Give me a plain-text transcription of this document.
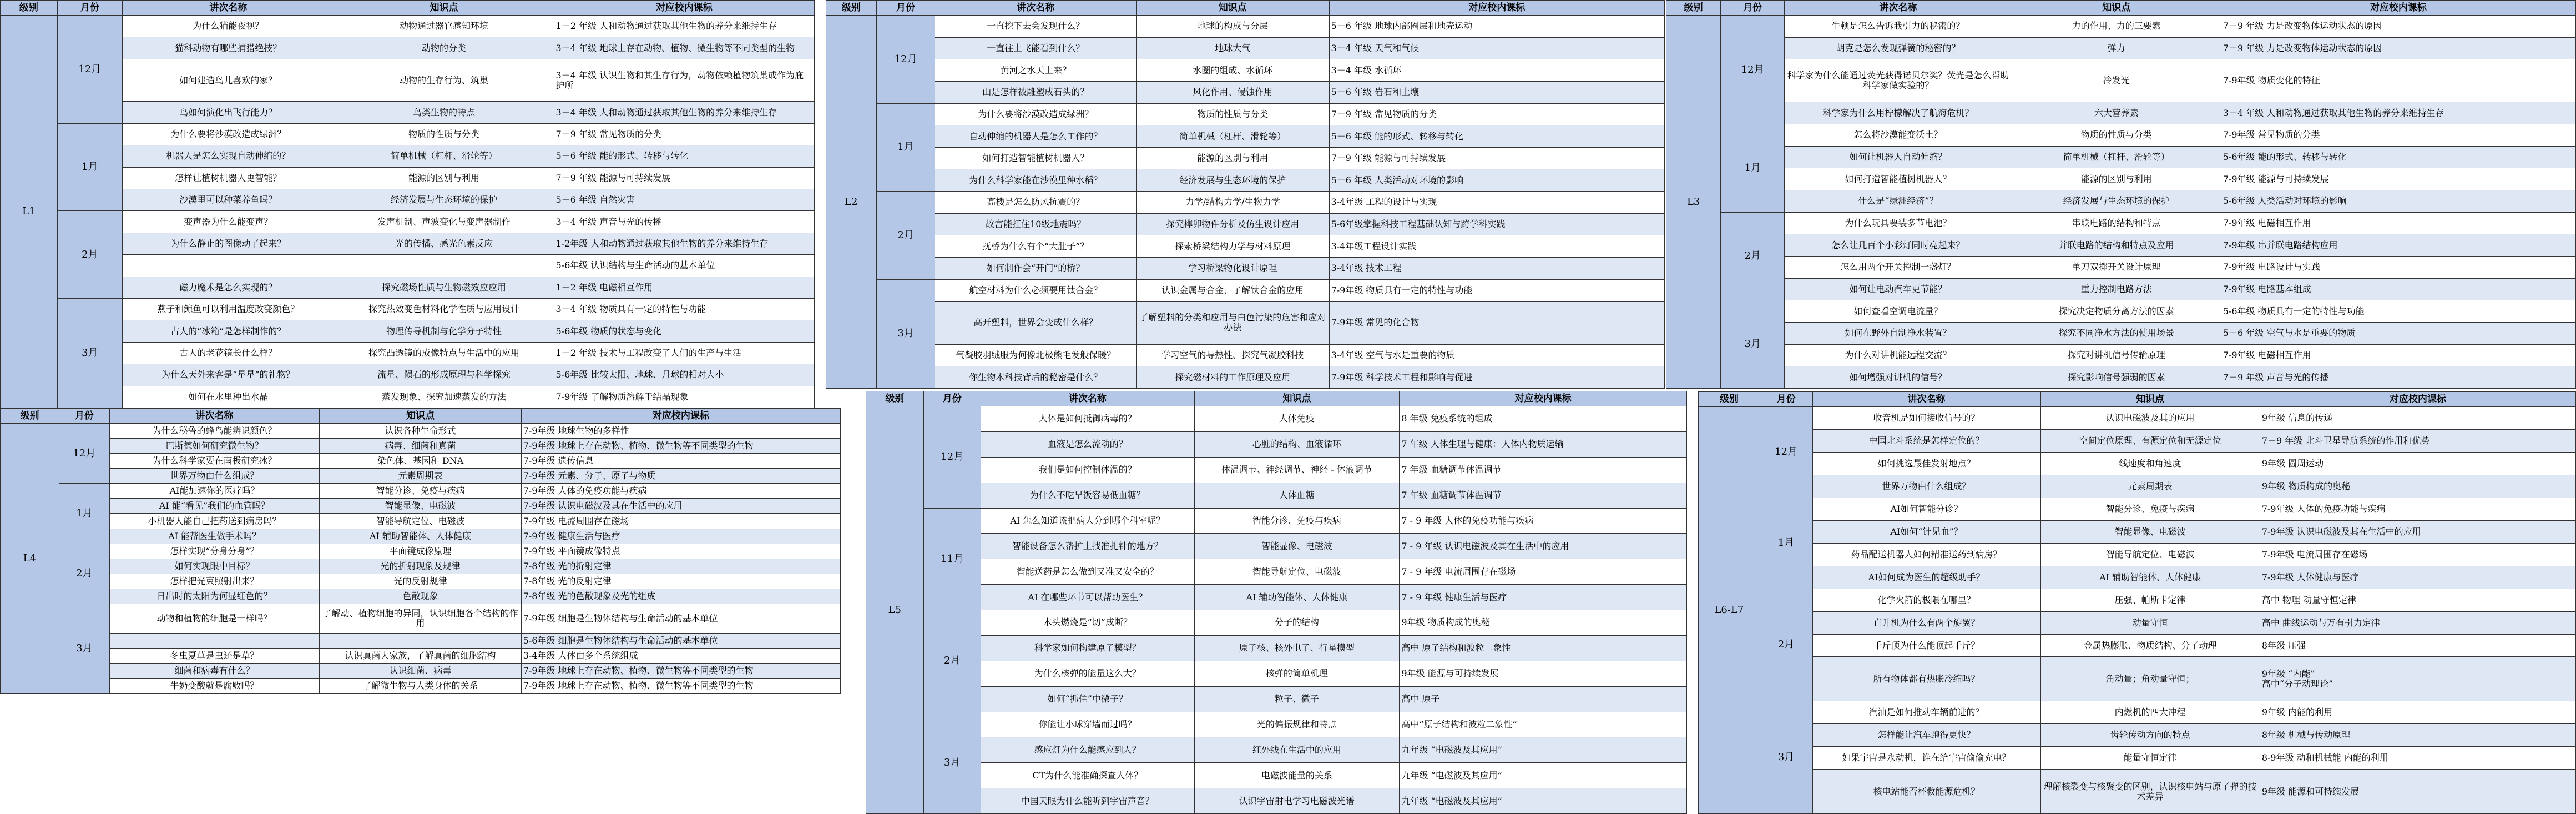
级别	月份	讲次名称	知识点	对应校内课标
L1	12月	为什么猫能夜视？	动物通过器官感知环境	1－2 年级 人和动物通过获取其他生物的养分来维持生存
		猫科动物有哪些捕猎绝技？	动物的分类	3－4 年级 地球上存在动物、植物、微生物等不同类型的生物
		如何建造鸟儿喜欢的家？	动物的生存行为、筑巢	3－4 年级 认识生物和其生存行为，动物依赖植物筑巢或作为庇护所
		鸟如何演化出飞行能力？	鸟类生物的特点	3－4 年级 人和动物通过获取其他生物的养分来维持生存
	1月	为什么要将沙漠改造成绿洲？	物质的性质与分类	7－9 年级 常见物质的分类
		机器人是怎么实现自动伸缩的？	简单机械（杠杆、滑轮等）	5－6 年级 能的形式、转移与转化
		怎样让植树机器人更智能？	能源的区别与利用	7－9 年级 能源与可持续发展
		沙漠里可以种菜养鱼吗？	经济发展与生态环境的保护	5－6 年级 自然灾害
	2月	变声器为什么能变声？	发声机制、声波变化与变声器制作	3－4 年级 声音与光的传播
		为什么静止的图像动了起来？	光的传播、感光色素反应	1-2年级 人和动物通过获取其他生物的养分来维持生存
				5-6年级 认识结构与生命活动的基本单位
		磁力魔术是怎么实现的？	探究磁场性质与生物磁效应应用	1－2 年级 电磁相互作用
	3月	燕子和鲸鱼可以利用温度改变颜色？	探究热效变色材料化学性质与应用设计	3－4 年级 物质具有一定的特性与功能
		古人的“冰箱”是怎样制作的？	物理传导机制与化学分子特性	5-6年级 物质的状态与变化
		古人的老花镜长什么样？	探究凸透镜的成像特点与生活中的应用	1－2 年级 技术与工程改变了人们的生产与生活
		为什么天外来客是“星星”的礼物？	流星、陨石的形成原理与科学探究	5-6年级 比较太阳、地球、月球的相对大小
		如何在水里种出水晶	蒸发现象、探究加速蒸发的方法	7-9年级 了解物质溶解于结晶现象
级别	月份	讲次名称	知识点	对应校内课标
L2	12月	一直挖下去会发现什么？	地球的构成与分层	5－6 年级 地球内部圈层和地壳运动
		一直往上飞能看到什么？	地球大气	3－4 年级 天气和气候
		黄河之水天上来？	水圈的组成、水循环	3－4 年级 水循环
		山是怎样被雕塑成石头的？	风化作用、侵蚀作用	5－6 年级 岩石和土壤
	1月	为什么要将沙漠改造成绿洲？	物质的性质与分类	7－9 年级 常见物质的分类
		自动伸缩的机器人是怎么工作的？	简单机械（杠杆、滑轮等）	5－6 年级 能的形式、转移与转化
		如何打造智能植树机器人？	能源的区别与利用	7－9 年级 能源与可持续发展
		为什么科学家能在沙漠里种水稻？	经济发展与生态环境的保护	5－6 年级 人类活动对环境的影响
	2月	高楼是怎么防风抗震的？	力学/结构力学/生物力学	3-4年级 工程的设计与实现
		故宫能扛住10级地震吗？	探究榫卯物件分析及仿生设计应用	5-6年级掌握科技工程基础认知与跨学科实践
		抚桥为什么有个“大肚子”？	探索桥梁结构力学与材料原理	3-4年级工程设计实践
		如何制作会“开门”的桥？	学习桥梁物化设计原理	3-4年级 技术工程
	3月	航空材料为什么必须要用钛合金？	认识金属与合金，了解钛合金的应用	7-9年级 物质具有一定的特性与功能
		高开塑料，世界会变成什么样？	了解塑料的分类和应用与白色污染的危害和应对办法	7-9年级 常见的化合物
		气凝胶羽绒服为何像北极熊毛发般保暖？	学习空气的导热性、探究气凝胶科技	3-4年级 空气与水是重要的物质
		你生物本科技背后的秘密是什么？	探究磁材料的工作原理及应用	7-9年级 科学技术工程和影响与促进
级别	月份	讲次名称	知识点	对应校内课标
L3	12月	牛顿是怎么告诉我引力的秘密的？	力的作用、力的三要素	7－9 年级 力是改变物体运动状态的原因
		胡克是怎么发现弹簧的秘密的？	弹力	7－9 年级 力是改变物体运动状态的原因
		科学家为什么能通过荧光获得诺贝尔奖？荧光是怎么帮助科学家做实验的？	冷发光	7-9年级 物质变化的特征
		科学家为什么用柠檬解决了航海危机？	六大营养素	3－4 年级 人和动物通过获取其他生物的养分来维持生存
	1月	怎么将沙漠能变沃土？	物质的性质与分类	7-9年级 常见物质的分类
		如何让机器人自动伸缩？	简单机械（杠杆、滑轮等）	5-6年级 能的形式、转移与转化
		如何打造智能植树机器人？	能源的区别与利用	7-9年级 能源与可持续发展
		什么是“绿洲经济”？	经济发展与生态环境的保护	5-6年级 人类活动对环境的影响
	2月	为什么玩具要装多节电池？	串联电路的结构和特点	7-9年级 电磁相互作用
		怎么让几百个小彩灯同时亮起来？	并联电路的结构和特点及应用	7-9年级 串并联电路结构应用
		怎么用两个开关控制一盏灯？	单刀双掷开关设计原理	7-9年级 电路设计与实践
		如何让电动汽车更节能？	重力控制电路方法	7-9年级 电路基本组成
	3月	如何查看空调电流量？	探究决定物质分离方法的因素	5-6年级 物质具有一定的特性与功能
		如何在野外自制净水装置？	探究不同净水方法的使用场景	5－6 年级 空气与水是重要的物质
		为什么对讲机能远程交流？	探究对讲机信号传输原理	7-9年级 电磁相互作用
		如何增强对讲机的信号？	探究影响信号强弱的因素	7－9 年级 声音与光的传播
级别	月份	讲次名称	知识点	对应校内课标
L4	12月	为什么秘鲁的蜂鸟能辨识颜色？	认识各种生命形式	7-9年级 地球生物的多样性
		巴斯德如何研究微生物？	病毒、细菌和真菌	7-9年级 地球上存在动物、植物、微生物等不同类型的生物
		为什么科学家要在南极研究冰？	染色体、基因和 DNA	7-9年级 遗传信息
		世界万物由什么组成？	元素周期表	7-9年级 元素、分子、原子与物质
	1月	AI能加速你的医疗吗？	智能分诊、免疫与疾病	7-9年级 人体的免疫功能与疾病
		AI 能“看见”我们的血管吗？	智能显像、电磁波	7-9年级 认识电磁波及其在生活中的应用
		小机器人能自己把药送到病房吗？	智能导航定位、电磁波	7-9年级 电流周围存在磁场
		AI 能帮医生做手术吗？	AI 辅助智能体、人体健康	7-9年级 健康生活与医疗
	2月	怎样实现“分身分身”？	平面镜成像原理	7-9年级 平面镜成像特点
		如何实现眼中目标？	光的折射现象及规律	7-8年级 光的折射定律
		怎样把光束照射出来？	光的反射规律	7-8年级 光的反射定律
		日出时的太阳为何显红色的？	色散现象	7-8年级 光的色散现象及光的组成
	3月	动物和植物的细胞是一样吗？	了解动、植物细胞的异同，认识细胞各个结构的作用	7-9年级 细胞是生物体结构与生命活动的基本单位
				5-6年级 细胞是生物体结构与生命活动的基本单位
		冬虫夏草是虫还是草？	认识真菌大家族，了解真菌的细胞结构	3-4年级 人体由多个系统组成
		细菌和病毒有什么？	认识细菌、病毒	7-9年级 地球上存在动物、植物、微生物等不同类型的生物
		牛奶变酸就是腐败吗？	了解微生物与人类身体的关系	7-9年级 地球上存在动物、植物、微生物等不同类型的生物
级别	月份	讲次名称	知识点	对应校内课标
L5	12月	人体是如何抵御病毒的？	人体免疫	8 年级 免疫系统的组成
		血液是怎么流动的？	心脏的结构、血液循环	7 年级 人体生理与健康：人体内物质运输
		我们是如何控制体温的？	体温调节、神经调节、神经 - 体液调节	7 年级 血糖调节体温调节
		为什么不吃早饭容易低血糖？	人体血糖	7 年级 血糖调节体温调节
	11月	AI 怎么知道该把病人分到哪个科室呢？	智能分诊、免疫与疾病	7 - 9 年级 人体的免疫功能与疾病
		智能设备怎么帮扩上找准扎针的地方？	智能显像、电磁波	7 - 9 年级 认识电磁波及其在生活中的应用
		智能送药是怎么做到又准又安全的？	智能导航定位、电磁波	7 - 9 年级 电流周围存在磁场
		AI 在哪些环节可以帮助医生？	AI 辅助智能体、人体健康	7 - 9 年级 健康生活与医疗
	2月	木头燃烧是“切”成断？	分子的结构	9年级 物质构成的奥秘
		科学家如何构建原子模型？	原子核、核外电子、行星模型	高中 原子结构和波粒二象性
		为什么核弹的能量这么大？	核弹的简单机理	9年级 能源与可持续发展
		如何“抓住”中微子？	粒子、微子	高中 原子
	3月	你能让小球穿墙而过吗？	光的偏振规律和特点	高中“原子结构和波粒二象性”
		感应灯为什么能感应到人？	红外线在生活中的应用	九年级 “电磁波及其应用”
		CT为什么能准确探查人体？	电磁波能量的关系	九年级 “电磁波及其应用”
		中国天眼为什么能听到宇宙声音？	认识宇宙射电学习电磁波光谱	九年级 “电磁波及其应用”
级别	月份	讲次名称	知识点	对应校内课标
L6-L7	12月	收音机是如何接收信号的？	认识电磁波及其的应用	9年级 信息的传递
		中国北斗系统是怎样定位的？	空间定位原理、有源定位和无源定位	7－9 年级 北斗卫星导航系统的作用和优势
		如何挑选最佳发射地点？	线速度和角速度	9年级 圆周运动
		世界万物由什么组成？	元素周期表	9年级 物质构成的奥秘
	1月	AI如何智能分诊？	智能分诊、免疫与疾病	7-9年级 人体的免疫功能与疾病
		AI如何“针见血”？	智能显像、电磁波	7-9年级 认识电磁波及其在生活中的应用
		药品配送机器人如何精准送药到病房？	智能导航定位、电磁波	7-9年级 电流周围存在磁场
		AI如何成为医生的超级助手？	AI 辅助智能体、人体健康	7-9年级 人体健康与医疗
	2月	化学火箭的极限在哪里？	压强、帕斯卡定律	高中 物理 动量守恒定律
		直升机为什么有两个旋翼？	动量守恒	高中 曲线运动与万有引力定律
		千斤顶为什么能顶起千斤？	金属热膨胀、物质结构、分子动理	8年级 压强
		所有物体都有热胀冷缩吗？	角动量；角动量守恒；	9年级 “内能”
高中“分子动理论”
	3月	汽油是如何推动车辆前进的？	内燃机的四大冲程	9年级 内能的利用
		怎样能让汽车跑得更快？	齿轮传动方向的特点	8年级 机械与传动原理
		如果宇宙是永动机，谁在给宇宙偷偷充电？	能量守恒定律	8-9年级 动和机械能 内能的利用
		核电站能否杯救能源危机？	理解核裂变与核聚变的区别，认识核电站与原子弹的技术差异	9年级 能源和可持续发展
